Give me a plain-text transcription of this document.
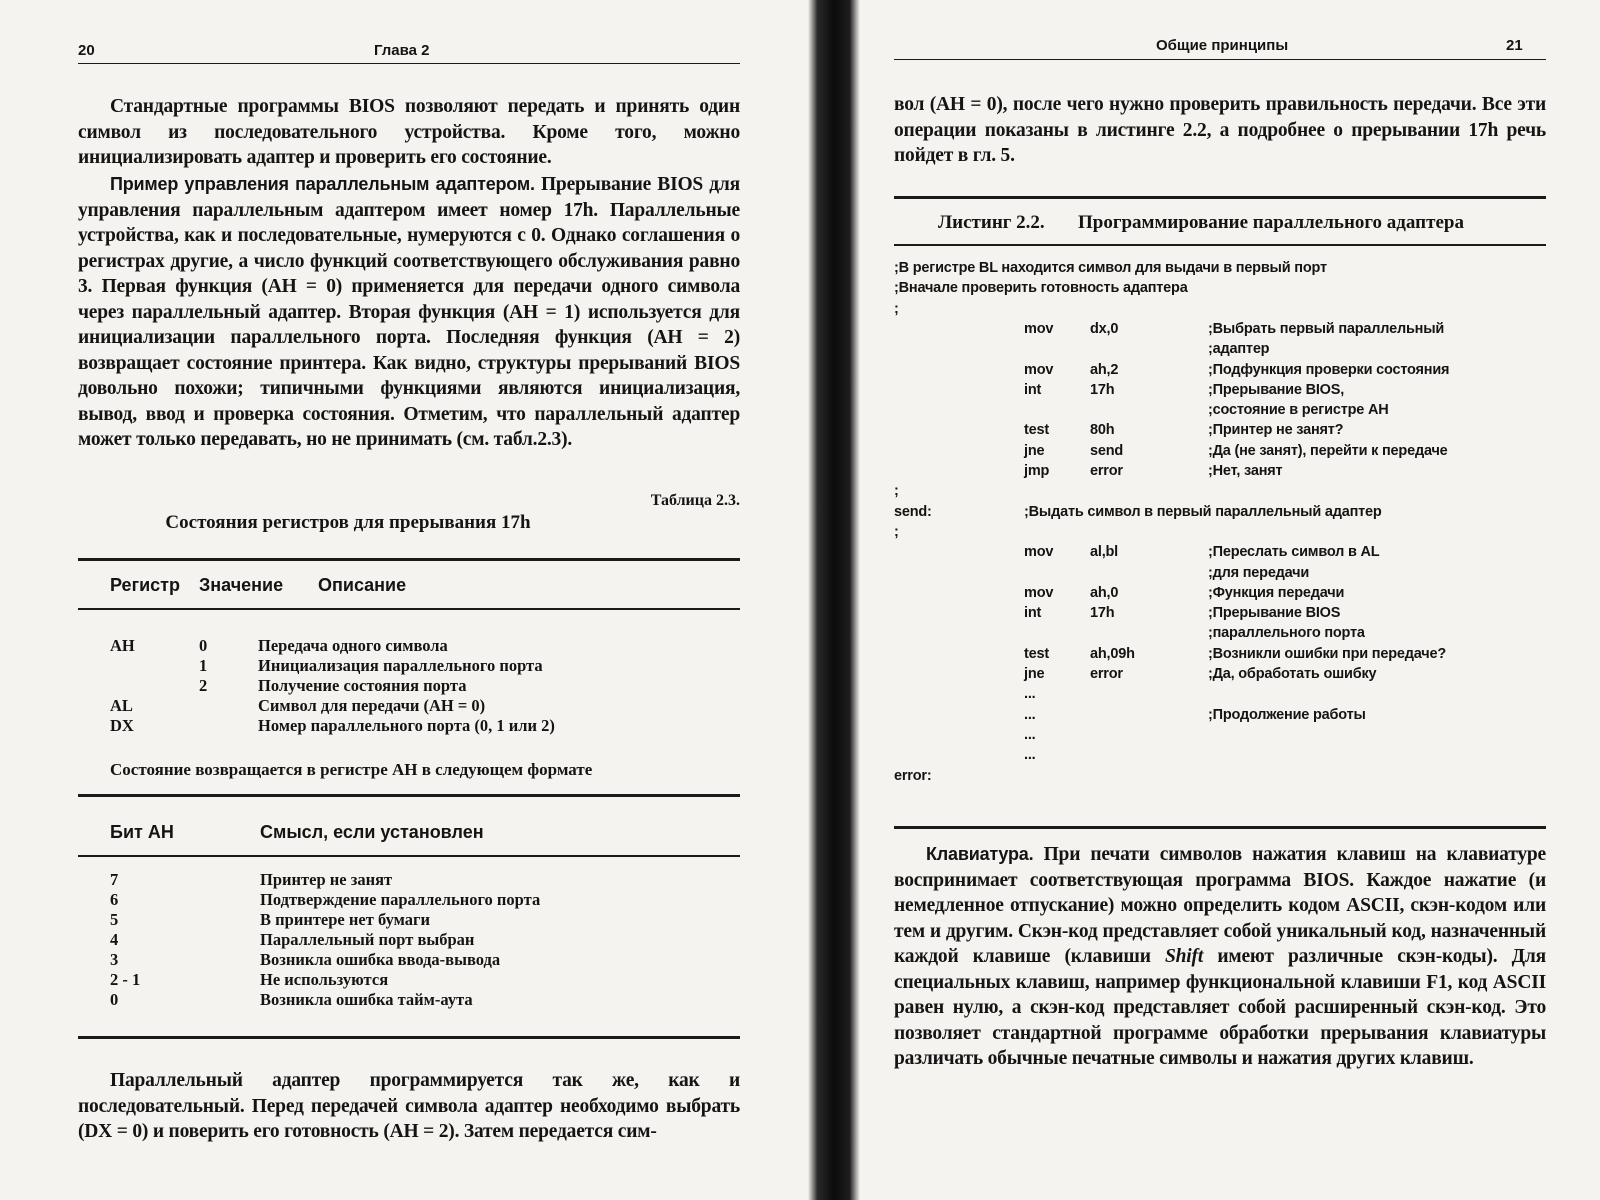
20	Глава 2

Стандартные программы BIOS позволяют передать и принять один символ из последовательного устройства. Кроме того, можно инициализировать адаптер и проверить его состояние.

Пример управления параллельным адаптером. Прерывание BIOS для управления параллельным адаптером имеет номер 17h. Параллельные устройства, как и последовательные, нумеруются с 0. Однако соглашения о регистрах другие, а число функций соответствующего обслуживания равно 3. Первая функция (АН = 0) применяется для передачи одного символа через параллельный адаптер. Вторая функция (АН = 1) используется для инициализации параллельного порта. Последняя функция (АН = 2) возвращает состояние принтера. Как видно, структуры прерываний BIOS довольно похожи; типичными функциями являются инициализация, вывод, ввод и проверка состояния. Отметим, что параллельный адаптер может только передавать, но не принимать (см. табл.2.3).

Таблица 2.3.
Состояния регистров для прерывания 17h
Регистр Значение Описание
AH	0	Передача одного символа
	1	Инициализация параллельного порта
	2	Получение состояния порта
AL		Символ для передачи (АН = 0)
DX		Номер параллельного порта (0, 1 или 2)
Состояние возвращается в регистре АН в следующем формате
Бит АН	Смысл, если установлен
7	Принтер не занят
6	Подтверждение параллельного порта
5	В принтере нет бумаги
4	Параллельный порт выбран
3	Возникла ошибка ввода-вывода
2 - 1	Не используются
0	Возникла ошибка тайм-аута

Параллельный адаптер программируется так же, как и последовательный. Перед передачей символа адаптер необходимо выбрать (DX = 0) и поверить его готовность (АН = 2). Затем передается сим-

Общие принципы	21

вол (АН = 0), после чего нужно проверить правильность передачи. Все эти операции показаны в листинге 2.2, а подробнее о прерывании 17h речь пойдет в гл. 5.

Листинг 2.2. Программирование параллельного адаптера
;В регистре BL находится символ для выдачи в первый порт
;Вначале проверить готовность адаптера
;
mov	dx,0	;Выбрать первый параллельный
;адаптер
mov	ah,2	;Подфункция проверки состояния
int	17h	;Прерывание BIOS,
;состояние в регистре АН
test	80h	;Принтер не занят?
jne	send	;Да (не занят), перейти к передаче
jmp	error	;Нет, занят
;
send:	;Выдать символ в первый параллельный адаптер
;
mov	al,bl	;Переслать символ в AL
;для передачи
mov	ah,0	;Функция передачи
int	17h	;Прерывание BIOS
;параллельного порта
test	ah,09h	;Возникли ошибки при передаче?
jne	error	;Да, обработать ошибку
...
...	;Продолжение работы
...
...
error:

Клавиатура. При печати символов нажатия клавиш на клавиатуре воспринимает соответствующая программа BIOS. Каждое нажатие (и немедленное отпускание) можно определить кодом ASCII, скэн-кодом или тем и другим. Скэн-код представляет собой уникальный код, назначенный каждой клавише (клавиши Shift имеют различные скэн-коды). Для специальных клавиш, например функциональной клавиши F1, код ASCII равен нулю, а скэн-код представляет собой расширенный скэн-код. Это позволяет стандартной программе обработки прерывания клавиатуры различать обычные печатные символы и нажатия других клавиш.
